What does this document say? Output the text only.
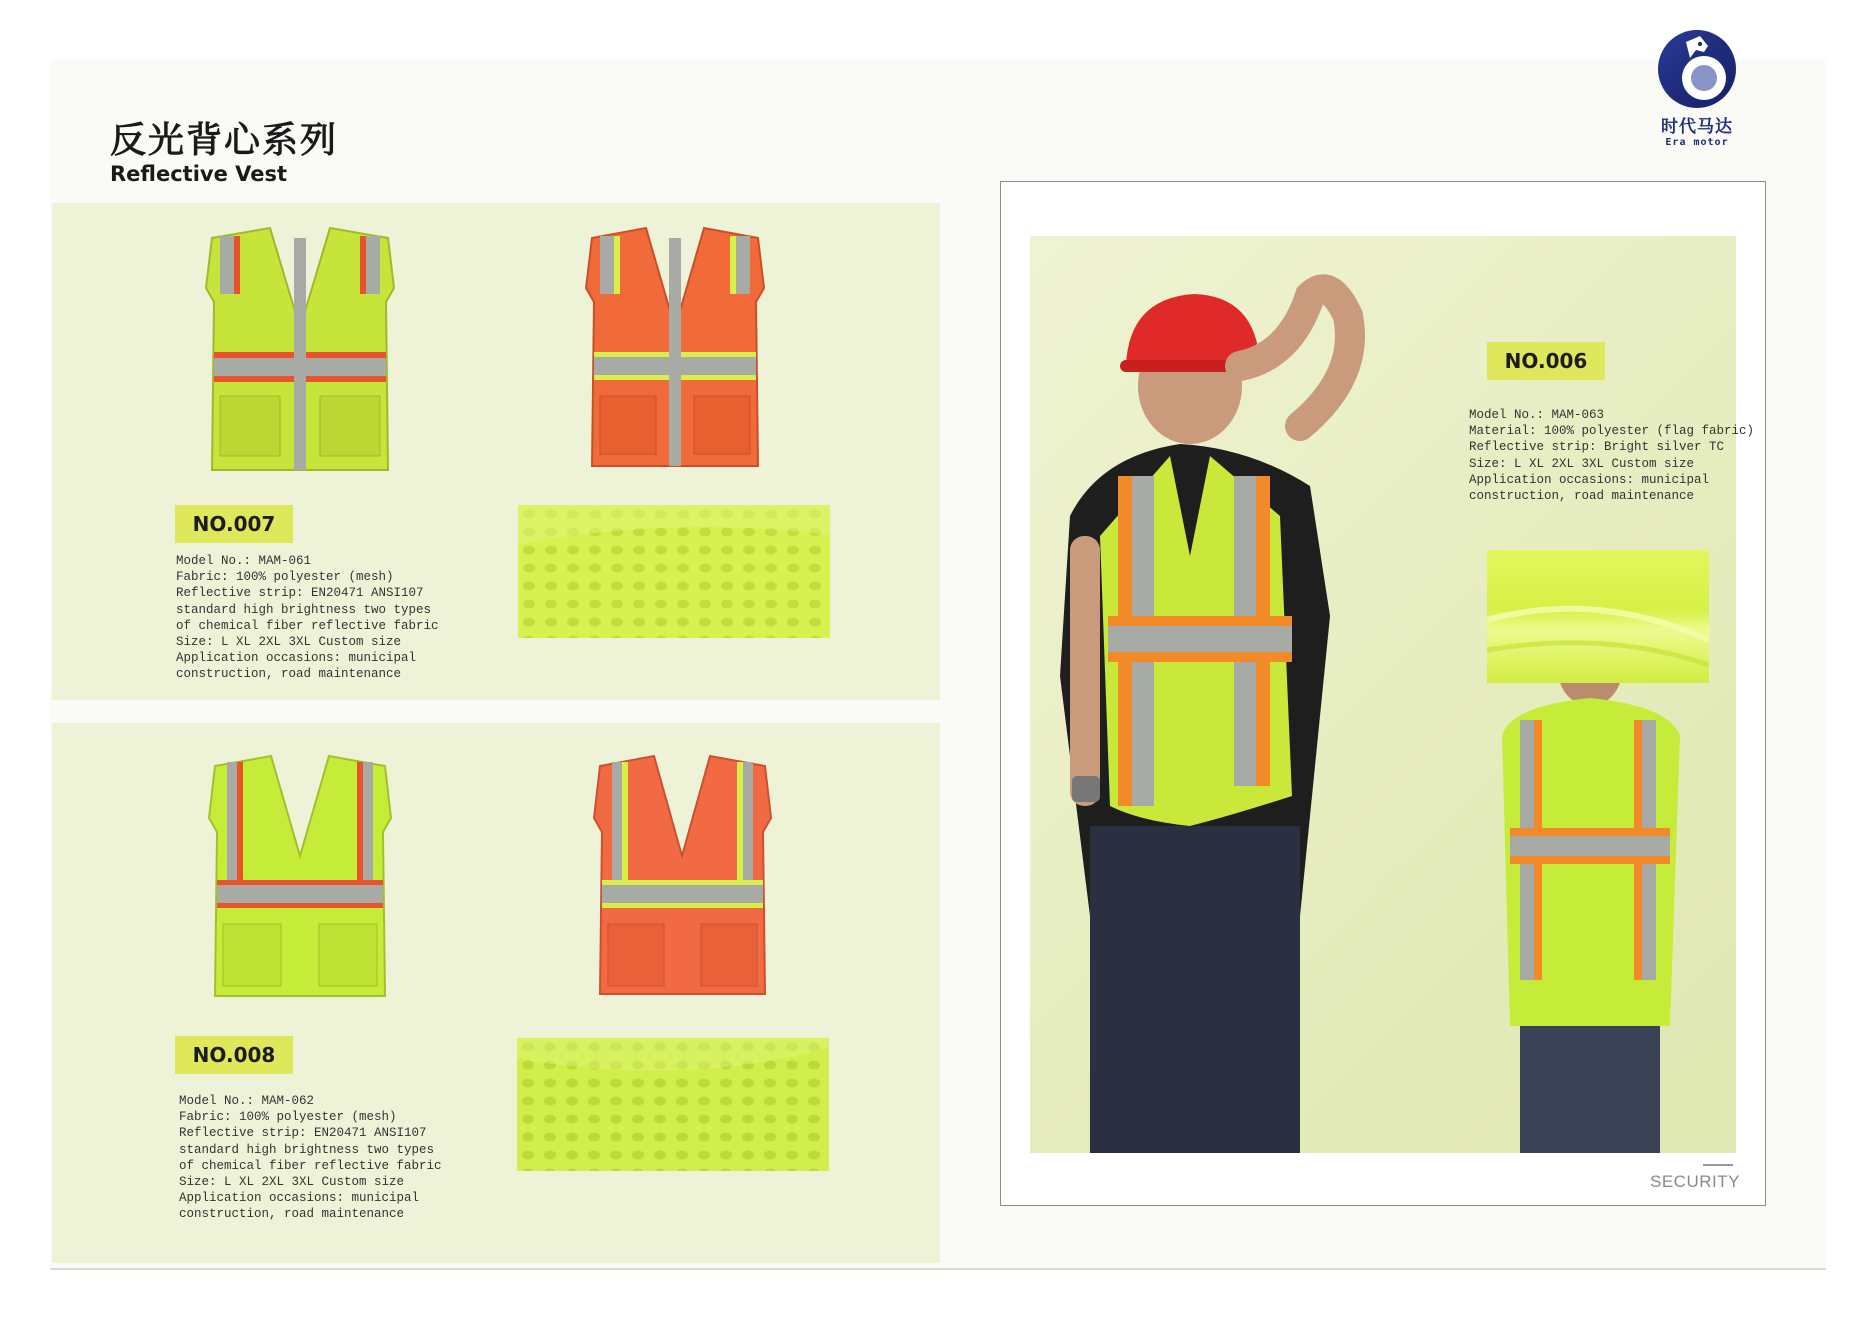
反光背心系列
Reflective Vest
时代马达
Era motor
NO.007
Model No.: MAM-061
Fabric: 100% polyester (mesh)
Reflective strip: EN20471 ANSI107
standard high brightness two types
of chemical fiber reflective fabric
Size: L XL 2XL 3XL Custom size
Application occasions: municipal
construction, road maintenance
NO.008
Model No.: MAM-062
Fabric: 100% polyester (mesh)
Reflective strip: EN20471 ANSI107
standard high brightness two types
of chemical fiber reflective fabric
Size: L XL 2XL 3XL Custom size
Application occasions: municipal
construction, road maintenance
NO.006
Model No.: MAM-063
Material: 100% polyester (flag fabric)
Reflective strip: Bright silver TC
Size: L XL 2XL 3XL Custom size
Application occasions: municipal
construction, road maintenance
SECURITY
